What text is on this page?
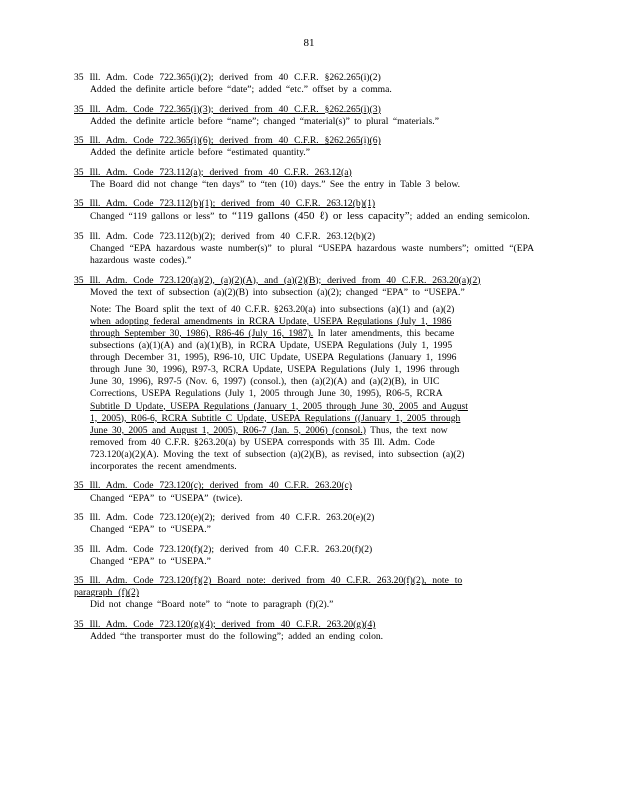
81
35 Ill. Adm. Code 722.365(i)(2); derived from 40 C.F.R. §262.265(i)(2)
Added the definite article before “date”; added “etc.” offset by a comma.
35 Ill. Adm. Code 722.365(i)(3); derived from 40 C.F.R. §262.265(i)(3)
Added the definite article before “name”; changed “material(s)” to plural “materials.”
35 Ill. Adm. Code 722.365(i)(6); derived from 40 C.F.R. §262.265(i)(6)
Added the definite article before “estimated quantity.”
35 Ill. Adm. Code 723.112(a); derived from 40 C.F.R. 263.12(a)
The Board did not change “ten days” to “ten (10) days.” See the entry in Table 3 below.
35 Ill. Adm. Code 723.112(b)(1); derived from 40 C.F.R. 263.12(b)(1)
Changed “119 gallons or less” to “119 gallons (450 ℓ) or less capacity”; added an ending semicolon.
35 Ill. Adm. Code 723.112(b)(2); derived from 40 C.F.R. 263.12(b)(2)
Changed “EPA hazardous waste number(s)” to plural “USEPA hazardous waste numbers”; omitted “(EPA hazardous waste codes).”
35 Ill. Adm. Code 723.120(a)(2), (a)(2)(A), and (a)(2)(B); derived from 40 C.F.R. 263.20(a)(2)
Moved the text of subsection (a)(2)(B) into subsection (a)(2); changed “EPA” to “USEPA.”
Note: The Board split the text of 40 C.F.R. §263.20(a) into subsections (a)(1) and (a)(2)
when adopting federal amendments in RCRA Update, USEPA Regulations (July 1, 1986
through September 30, 1986), R86-46 (July 16, 1987). In later amendments, this became
subsections (a)(1)(A) and (a)(1)(B), in RCRA Update, USEPA Regulations (July 1, 1995
through December 31, 1995), R96-10, UIC Update, USEPA Regulations (January 1, 1996
through June 30, 1996), R97-3, RCRA Update, USEPA Regulations (July 1, 1996 through
June 30, 1996), R97-5 (Nov. 6, 1997) (consol.), then (a)(2)(A) and (a)(2)(B), in UIC
Corrections, USEPA Regulations (July 1, 2005 through June 30, 1995), R06-5, RCRA
Subtitle D Update, USEPA Regulations (January 1, 2005 through June 30, 2005 and August
1, 2005), R06-6, RCRA Subtitle C Update, USEPA Regulations ((January 1, 2005 through
June 30, 2005 and August 1, 2005), R06-7 (Jan. 5, 2006) (consol.) Thus, the text now
removed from 40 C.F.R. §263.20(a) by USEPA corresponds with 35 Ill. Adm. Code
723.120(a)(2)(A). Moving the text of subsection (a)(2)(B), as revised, into subsection (a)(2)
incorporates the recent amendments.
35 Ill. Adm. Code 723.120(c); derived from 40 C.F.R. 263.20(c)
Changed “EPA” to “USEPA” (twice).
35 Ill. Adm. Code 723.120(e)(2); derived from 40 C.F.R. 263.20(e)(2)
Changed “EPA” to “USEPA.”
35 Ill. Adm. Code 723.120(f)(2); derived from 40 C.F.R. 263.20(f)(2)
Changed “EPA” to “USEPA.”
35 Ill. Adm. Code 723.120(f)(2) Board note: derived from 40 C.F.R. 263.20(f)(2), note to
paragraph (f)(2)
Did not change “Board note” to “note to paragraph (f)(2).”
35 Ill. Adm. Code 723.120(g)(4); derived from 40 C.F.R. 263.20(g)(4)
Added “the transporter must do the following”; added an ending colon.
